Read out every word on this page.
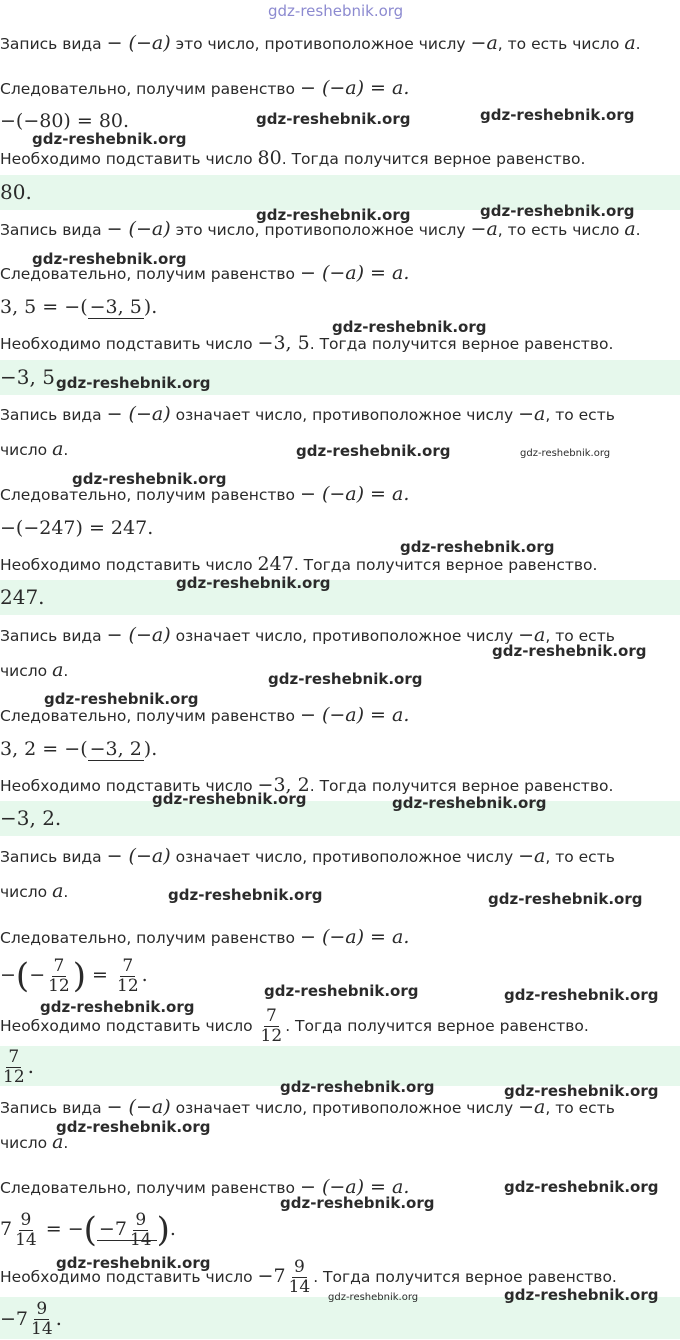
gdz-reshebnik.org
Запись вида − (−a) это число, противоположное числу −a, то есть число a.
Следовательно, получим равенство − (−a) = a.
−(−80) = 80.
Необходимо подставить число 80. Тогда получится верное равенство.
80.
Запись вида − (−a) это число, противоположное числу −a, то есть число a.
Следовательно, получим равенство − (−a) = a.
3, 5 = −( −3, 5 ).
Необходимо подставить число −3, 5. Тогда получится верное равенство.
−3, 5.
Запись вида − (−a) означает число, противоположное числу −a, то есть
число a.
Следовательно, получим равенство − (−a) = a.
−(−247) = 247.
Необходимо подставить число 247. Тогда получится верное равенство.
247.
Запись вида − (−a) означает число, противоположное числу −a, то есть
число a.
Следовательно, получим равенство − (−a) = a.
3, 2 = −( −3, 2 ).
Необходимо подставить число −3, 2. Тогда получится верное равенство.
−3, 2.
Запись вида − (−a) означает число, противоположное числу −a, то есть
число a.
Следовательно, получим равенство − (−a) = a.
−(− $\frac{7}{12}$ ) = $\frac{7}{12}$ .
Необходимо подставить число $\frac{7}{12}$ . Тогда получится верное равенство.
$\frac{7}{12}$ .
Запись вида − (−a) означает число, противоположное числу −a, то есть
число a.
Следовательно, получим равенство − (−a) = a.
$7 \frac{9}{14}$ = −( $-7 \frac{9}{14}$ ).
Необходимо подставить число $-7 \frac{9}{14}$ . Тогда получится верное равенство.
$-7 \frac{9}{14}$ .
gdz-reshebnik.org	gdz-reshebnik.org
gdz-reshebnik.org
gdz-reshebnik.org	gdz-reshebnik.org
gdz-reshebnik.org
gdz-reshebnik.org
gdz-reshebnik.org
gdz-reshebnik.org	gdz-reshebnik.org
gdz-reshebnik.org
gdz-reshebnik.org
gdz-reshebnik.org
gdz-reshebnik.org
gdz-reshebnik.org
gdz-reshebnik.org
gdz-reshebnik.org	gdz-reshebnik.org
gdz-reshebnik.org	gdz-reshebnik.org
gdz-reshebnik.org	gdz-reshebnik.org
gdz-reshebnik.org
gdz-reshebnik.org	gdz-reshebnik.org
gdz-reshebnik.org
gdz-reshebnik.org
gdz-reshebnik.org
gdz-reshebnik.org
gdz-reshebnik.org	gdz-reshebnik.org
